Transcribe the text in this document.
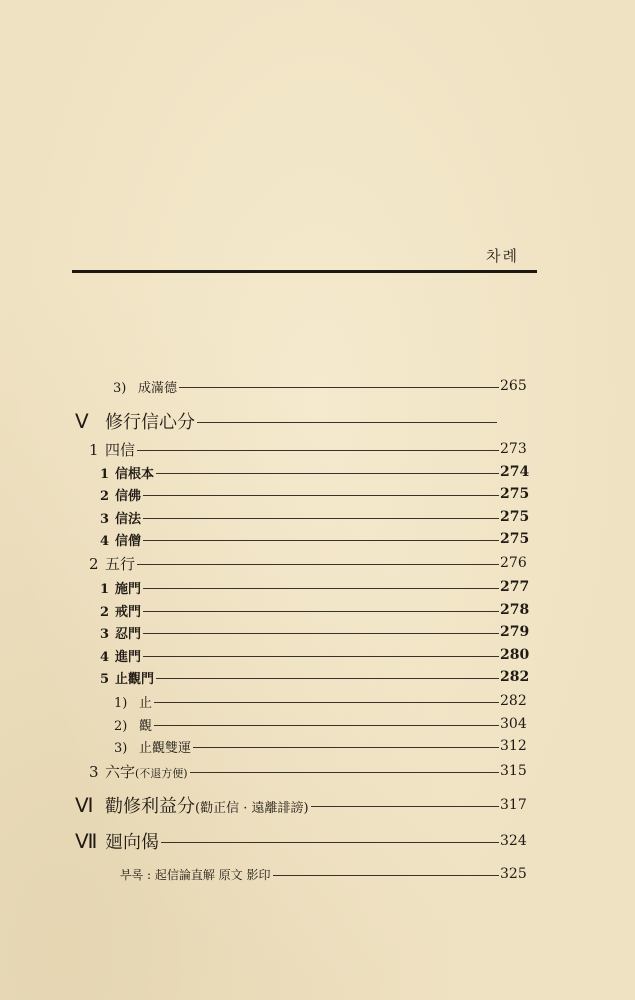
차례
3) 成滿德	265
Ⅴ 修行信心分
1 四信	273
1 信根本	274
2 信佛	275
3 信法	275
4 信僧	275
2 五行	276
1 施門	277
2 戒門	278
3 忍門	279
4 進門	280
5 止觀門	282
1) 止	282
2) 觀	304
3) 止觀雙運	312
3 六字(不退方便)	315
Ⅵ 勸修利益分(勸正信 · 遠離誹謗)	317
Ⅶ 廻向偈	324
부록 : 起信論直解 原文 影印	325
